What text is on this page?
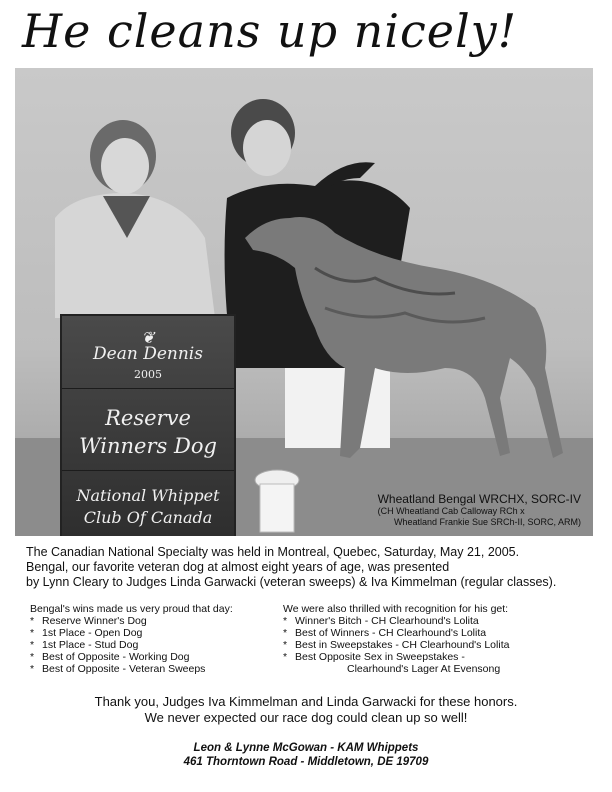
He cleans up nicely!
❦
Dean Dennis
2005
Reserve
Winners Dog
National Whippet
Club Of Canada
Wheatland Bengal WRCHX, SORC-IV
(CH Wheatland Cab Calloway RCh x
Wheatland Frankie Sue SRCh-II, SORC, ARM)
The Canadian National Specialty was held in Montreal, Quebec, Saturday, May 21, 2005.
Bengal, our favorite veteran dog at almost eight years of age, was presented
by Lynn Cleary to Judges Linda Garwacki (veteran sweeps) & Iva Kimmelman (regular classes).
Bengal's wins made us very proud that day:
* Reserve Winner's Dog
* 1st Place - Open Dog
* 1st Place - Stud Dog
* Best of Opposite - Working Dog
* Best of Opposite - Veteran Sweeps
We were also thrilled with recognition for his get:
* Winner's Bitch - CH Clearhound's Lolita
* Best of Winners - CH Clearhound's Lolita
* Best in Sweepstakes - CH Clearhound's Lolita
* Best Opposite Sex in Sweepstakes -
Clearhound's Lager At Evensong
Thank you, Judges Iva Kimmelman and Linda Garwacki for these honors.
We never expected our race dog could clean up so well!
Leon & Lynne McGowan - KAM Whippets
461 Thorntown Road - Middletown, DE 19709
